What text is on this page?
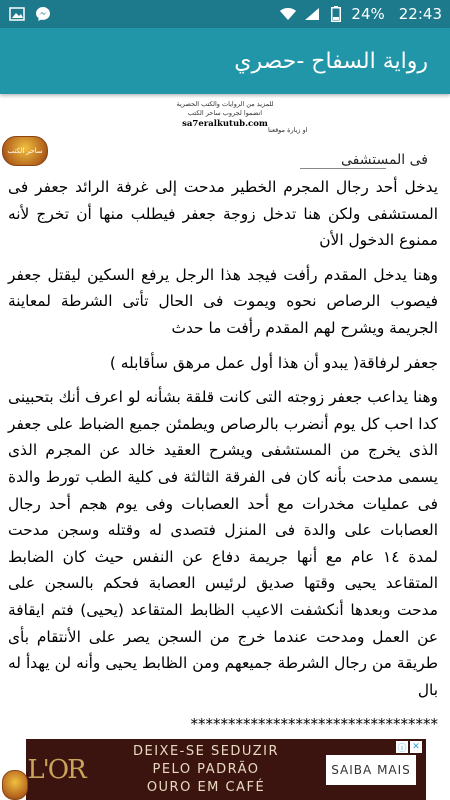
24% 22:43
رواية السفاح -حصري
للمزيد من الروايات والكتب الحصرية
انضموا لجروب ساحر الكتب
sa7eralkutub.com
او زيارة موقعنا
ساحر الكتب
فى المستشفى

يدخل أحد رجال المجرم الخطير مدحت إلى غرفة الرائد جعفر فى المستشفى ولكن هنا تدخل زوجة جعفر فيطلب منها أن تخرج لأنه ممنوع الدخول الأن

وهنا يدخل المقدم رأفت فيجد هذا الرجل يرفع السكين ليقتل جعفر فيصوب الرصاص نحوه ويموت فى الحال تأتى الشرطة لمعاينة الجريمة ويشرح لهم المقدم رأفت ما حدث

جعفر لرفاقة( يبدو أن هذا أول عمل مرهق سأقابله )

وهنا يداعب جعفر زوجته التى كانت قلقة بشأنه لو اعرف أنك بتحبينى كدا احب كل يوم أنضرب بالرصاص ويطمئن جميع الضباط على جعفر الذى يخرج من المستشفى ويشرح العقيد خالد عن المجرم الذى يسمى مدحت بأنه كان فى الفرقة الثالثة فى كلية الطب تورط والدة فى عمليات مخدرات مع أحد العصابات وفى يوم هجم أحد رجال العصابات على والدة فى المنزل فتصدى له وقتله وسجن مدحت لمدة ١٤ عام مع أنها جريمة دفاع عن النفس حيث كان الضابط المتقاعد يحيى وقتها صديق لرئيس العصابة فحكم بالسجن على مدحت وبعدها أنكشفت الاعيب الظابط المتقاعد (يحيى) فتم ايقافة عن العمل ومدحت عندما خرج من السجن يصر على الأنتقام بأى طريقة من رجال الشرطة جميعهم ومن الظابط يحيى وأنه لن يهدأ له بال

*********************************
L'OR
DEIXE-SE SEDUZIR
PELO PADRÃO
OURO EM CAFÉ
SAIBA MAIS
ⓘ ✕
